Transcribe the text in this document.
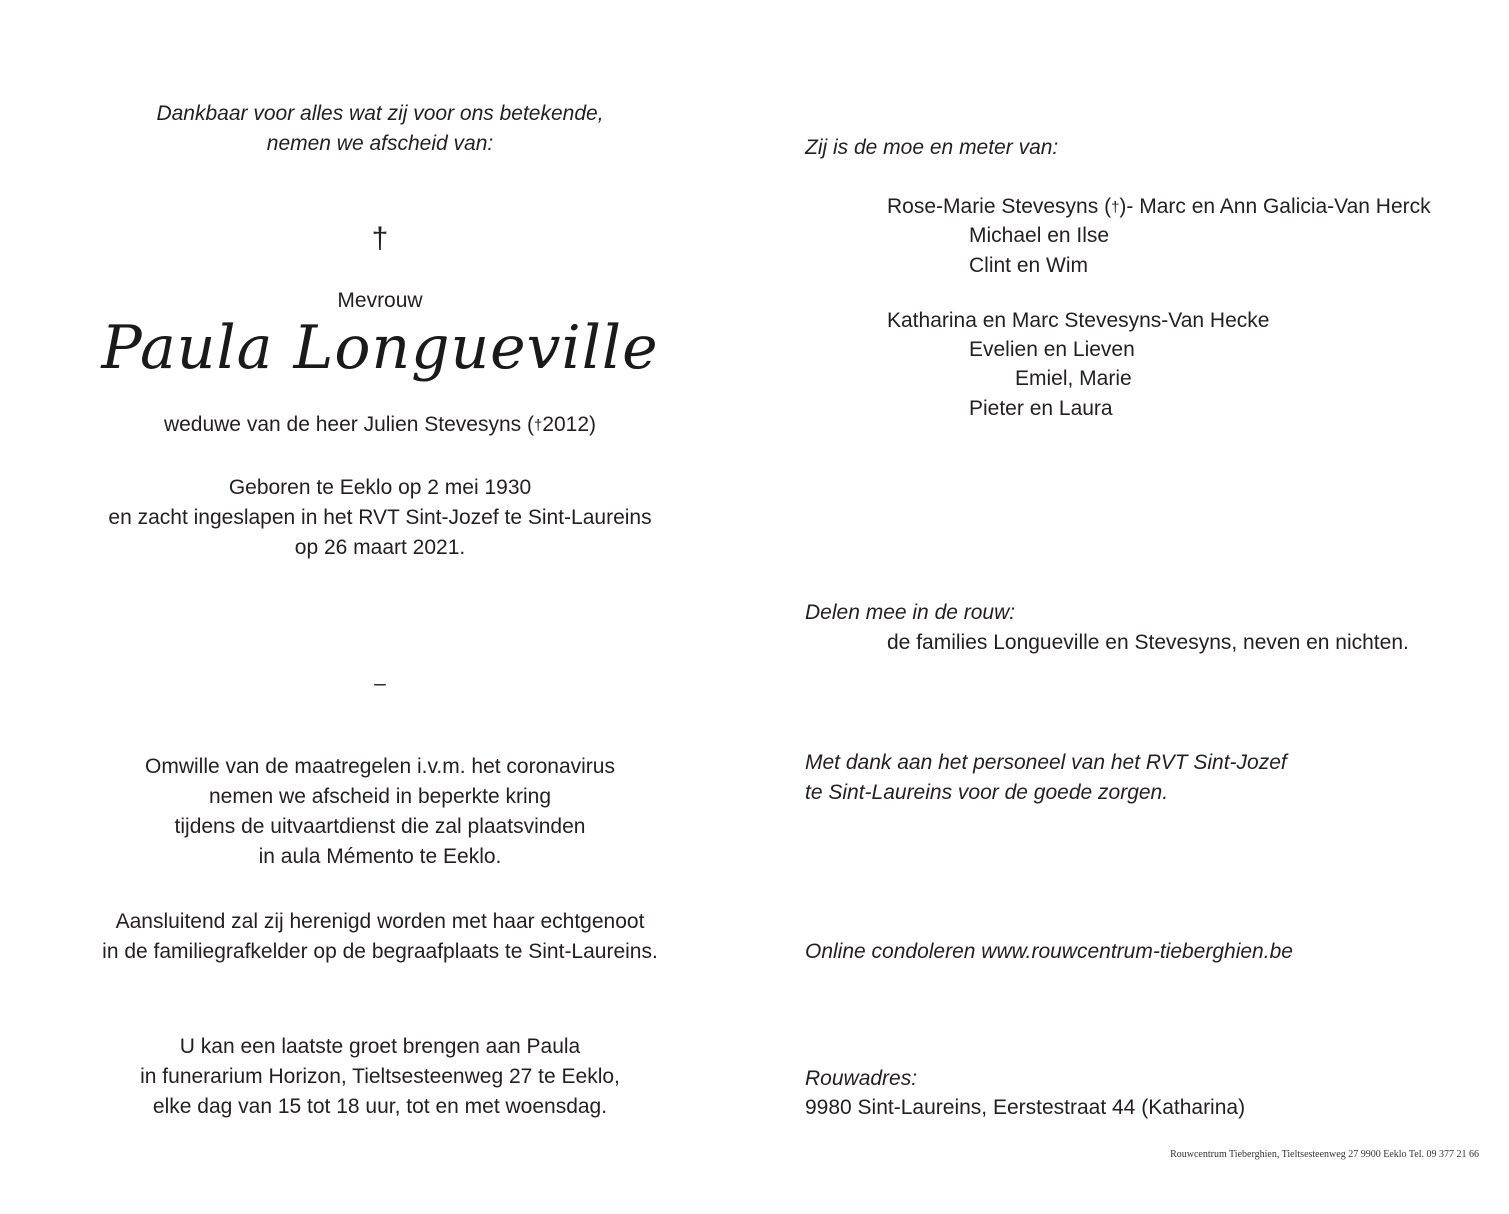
Dankbaar voor alles wat zij voor ons betekende,
nemen we afscheid van:
†
Mevrouw
Paula Longueville
weduwe van de heer Julien Stevesyns (†2012)
Geboren te Eeklo op 2 mei 1930
en zacht ingeslapen in het RVT Sint-Jozef te Sint-Laureins
op 26 maart 2021.
–
Omwille van de maatregelen i.v.m. het coronavirus
nemen we afscheid in beperkte kring
tijdens de uitvaartdienst die zal plaatsvinden
in aula Mémento te Eeklo.
Aansluitend zal zij herenigd worden met haar echtgenoot
in de familiegrafkelder op de begraafplaats te Sint-Laureins.
U kan een laatste groet brengen aan Paula
in funerarium Horizon, Tieltsesteenweg 27 te Eeklo,
elke dag van 15 tot 18 uur, tot en met woensdag.
Zij is de moe en meter van:
Rose-Marie Stevesyns (†)- Marc en Ann Galicia-Van Herck
Michael en Ilse
Clint en Wim
Katharina en Marc Stevesyns-Van Hecke
Evelien en Lieven
Emiel, Marie
Pieter en Laura
Delen mee in de rouw:
de families Longueville en Stevesyns, neven en nichten.
Met dank aan het personeel van het RVT Sint-Jozef
te Sint-Laureins voor de goede zorgen.
Online condoleren www.rouwcentrum-tieberghien.be
Rouwadres:
9980 Sint-Laureins, Eerstestraat 44 (Katharina)
Rouwcentrum Tieberghien, Tieltsesteenweg 27 9900 Eeklo Tel. 09 377 21 66
